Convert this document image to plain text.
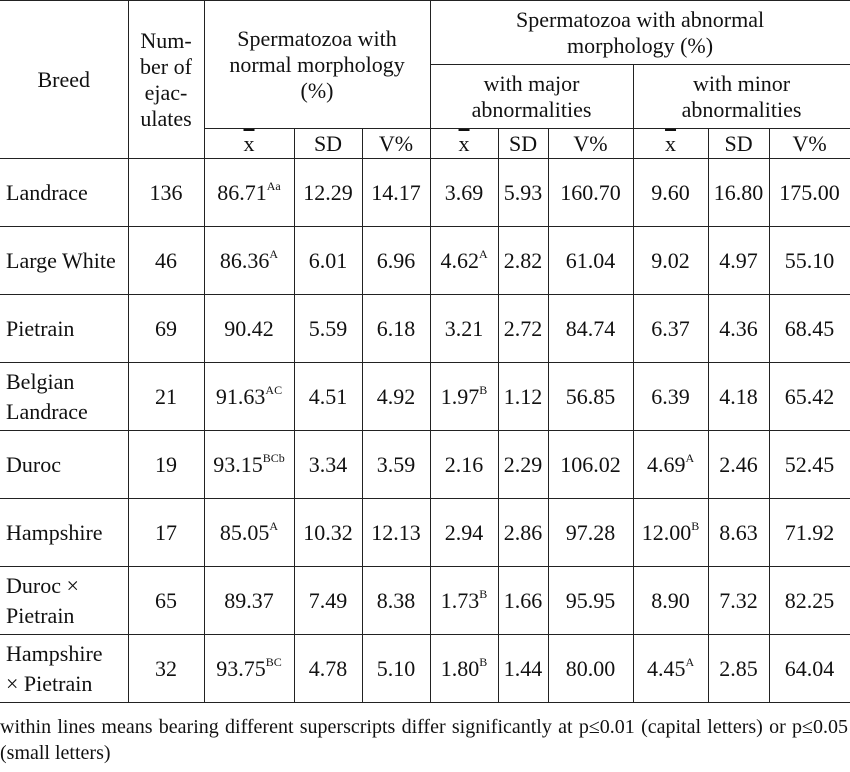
Breed	Num-
ber of
ejac-
ulates	Spermatozoa with
normal morphology
(%)			Spermatozoa with abnormal
morphology (%)					
					with major
abnormalities			with minor
abnormalities		
		$\overline{x}$	SD	V%	$\overline{x}$	SD	V%	$\overline{x}$	SD	V%
Landrace	136	$86.71^{Aa}$	12.29	14.17	3.69	5.93	160.70	9.60	16.80	175.00
Large White	46	$86.36^A$	6.01	6.96	$4.62^A$	2.82	61.04	9.02	4.97	55.10
Pietrain	69	90.42	5.59	6.18	3.21	2.72	84.74	6.37	4.36	68.45
Belgian
Landrace	21	$91.63^{AC}$	4.51	4.92	$1.97^B$	1.12	56.85	6.39	4.18	65.42
Duroc	19	$93.15^{BCb}$	3.34	3.59	2.16	2.29	106.02	$4.69^A$	2.46	52.45
Hampshire	17	$85.05^A$	10.32	12.13	2.94	2.86	97.28	$12.00^B$	8.63	71.92
Duroc ×
Pietrain	65	89.37	7.49	8.38	$1.73^B$	1.66	95.95	8.90	7.32	82.25
Hampshire
× Pietrain	32	$93.75^{BC}$	4.78	5.10	$1.80^B$	1.44	80.00	$4.45^A$	2.85	64.04
within lines means bearing different superscripts differ significantly at p≤0.01 (capital letters) or p≤0.05 (small letters)
